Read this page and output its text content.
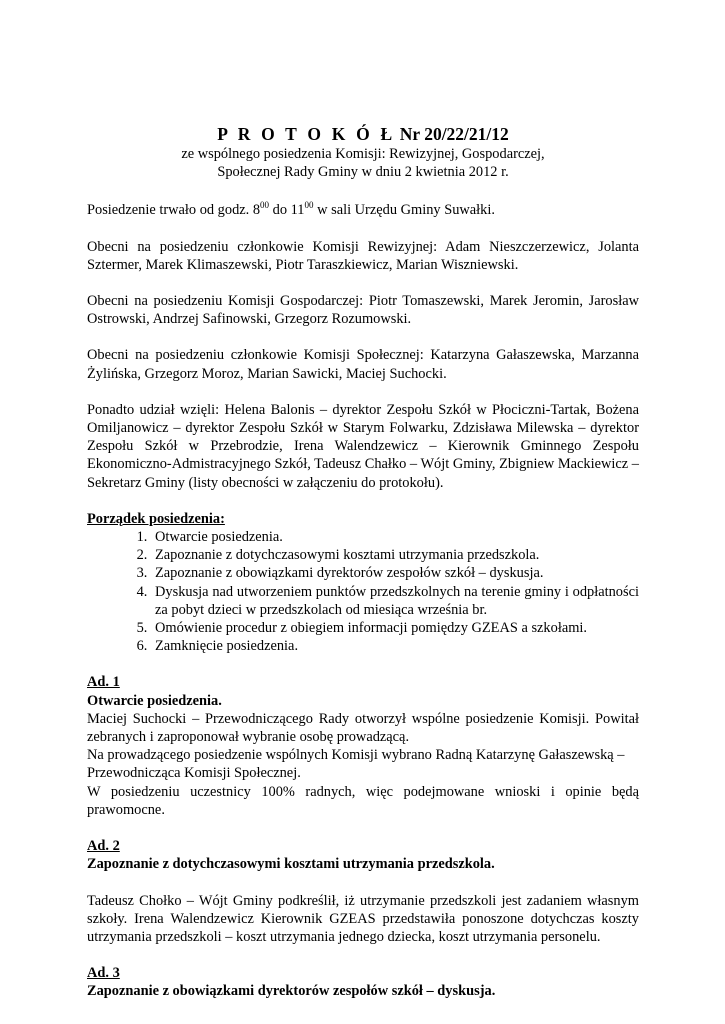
P R O T O K Ó Ł Nr 20/22/21/12
ze wspólnego posiedzenia Komisji: Rewizyjnej, Gospodarczej,
Społecznej Rady Gminy w dniu 2 kwietnia 2012 r.

Posiedzenie trwało od godz. $8^{00}$ do $11^{00}$ w sali Urzędu Gminy Suwałki.

Obecni na posiedzeniu członkowie Komisji Rewizyjnej: Adam Nieszczerzewicz, Jolanta Sztermer, Marek Klimaszewski, Piotr Taraszkiewicz, Marian Wiszniewski.

Obecni na posiedzeniu Komisji Gospodarczej: Piotr Tomaszewski, Marek Jeromin, Jarosław Ostrowski, Andrzej Safinowski, Grzegorz Rozumowski.

Obecni na posiedzeniu członkowie Komisji Społecznej: Katarzyna Gałaszewska, Marzanna Żylińska, Grzegorz Moroz, Marian Sawicki, Maciej Suchocki.

Ponadto udział wzięli: Helena Balonis – dyrektor Zespołu Szkół w Płociczni-Tartak, Bożena Omiljanowicz – dyrektor Zespołu Szkół w Starym Folwarku, Zdzisława Milewska – dyrektor Zespołu Szkół w Przebrodzie, Irena Walendzewicz – Kierownik Gminnego Zespołu Ekonomiczno-Admistracyjnego Szkół, Tadeusz Chałko – Wójt Gminy, Zbigniew Mackiewicz – Sekretarz Gminy (listy obecności w załączeniu do protokołu).

Porządek posiedzenia:

1. Otwarcie posiedzenia.
2. Zapoznanie z dotychczasowymi kosztami utrzymania przedszkola.
3. Zapoznanie z obowiązkami dyrektorów zespołów szkół – dyskusja.
4. Dyskusja nad utworzeniem punktów przedszkolnych na terenie gminy i odpłatności za pobyt dzieci w przedszkolach od miesiąca września br.
5. Omówienie procedur z obiegiem informacji pomiędzy GZEAS a szkołami.
6. Zamknięcie posiedzenia.

Ad. 1

Otwarcie posiedzenia.

Maciej Suchocki – Przewodniczącego Rady otworzył wspólne posiedzenie Komisji. Powitał zebranych i zaproponował wybranie osobę prowadzącą.

Na prowadzącego posiedzenie wspólnych Komisji wybrano Radną Katarzynę Gałaszewską – Przewodnicząca Komisji Społecznej.

W posiedzeniu uczestnicy 100% radnych, więc podejmowane wnioski i opinie będą prawomocne.

Ad. 2

Zapoznanie z dotychczasowymi kosztami utrzymania przedszkola.

Tadeusz Chołko – Wójt Gminy podkreślił, iż utrzymanie przedszkoli jest zadaniem własnym szkoły. Irena Walendzewicz Kierownik GZEAS przedstawiła ponoszone dotychczas koszty utrzymania przedszkoli – koszt utrzymania jednego dziecka, koszt utrzymania personelu.

Ad. 3

Zapoznanie z obowiązkami dyrektorów zespołów szkół – dyskusja.
